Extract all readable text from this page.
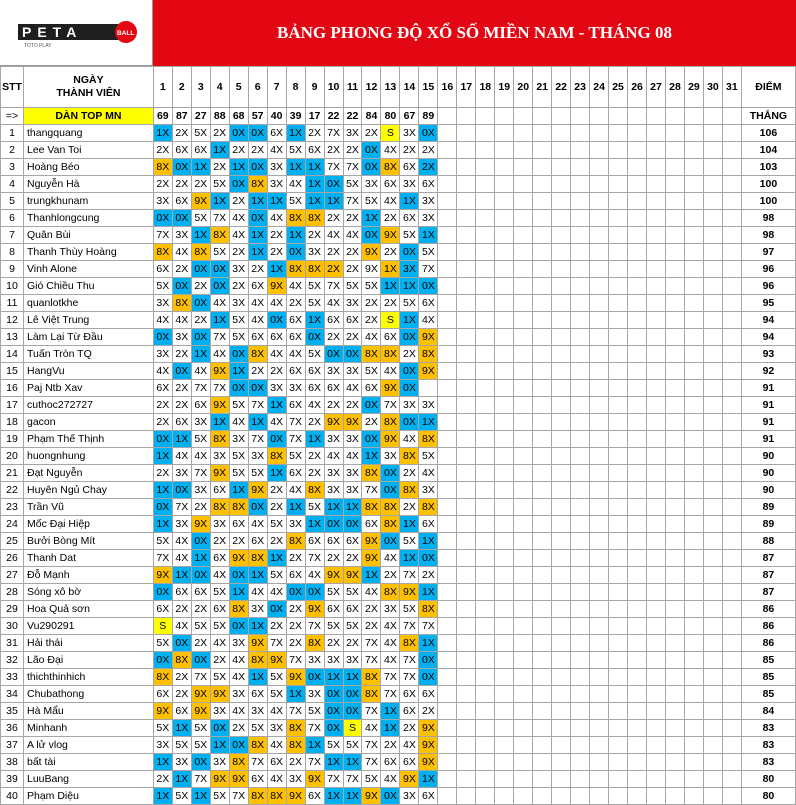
PETA
TOTO PLAY
BALL	BẢNG PHONG ĐỘ XỔ SỐ MIỀN NAM - THÁNG 08
STT	NGÀY
THÀNH VIÊN	1	2	3	4	5	6	7	8	9	10	11	12	13	14	15	16	17	18	19	20	21	22	23	24	25	26	27	28	29	30	31	ĐIỂM
=>	DÀN TOP MN	69	87	27	88	68	57	40	39	17	22	22	84	80	67	89																	THẮNG
1	thangquang	1X	2X	5X	2X	0X	0X	6X	1X	2X	7X	3X	2X	S	3X	0X																	106
2	Lee Van Toi	2X	6X	6X	1X	2X	2X	4X	5X	6X	2X	2X	0X	4X	2X	2X																	104
3	Hoàng Béo	8X	0X	1X	2X	1X	0X	3X	1X	1X	7X	7X	0X	8X	6X	2X																	103
4	Nguyễn Hà	2X	2X	2X	5X	0X	8X	3X	4X	1X	0X	5X	3X	6X	3X	6X																	100
5	trungkhunam	3X	6X	9X	1X	2X	1X	1X	5X	1X	1X	7X	5X	4X	1X	3X																	100
6	Thanhlongcung	0X	0X	5X	7X	4X	0X	4X	8X	8X	2X	2X	1X	2X	6X	3X																	98
7	Quân Bùi	7X	3X	1X	8X	4X	1X	2X	1X	2X	4X	4X	0X	9X	5X	1X																	98
8	Thanh Thùy Hoàng	8X	4X	8X	5X	2X	1X	2X	0X	3X	2X	2X	9X	2X	0X	5X																	97
9	Vinh Alone	6X	2X	0X	0X	3X	2X	1X	8X	8X	2X	2X	9X	1X	3X	7X																	96
10	Gió Chiều Thu	5X	0X	2X	0X	2X	6X	9X	4X	5X	7X	5X	5X	1X	1X	0X																	96
11	quanlotkhe	3X	8X	0X	4X	3X	4X	4X	2X	5X	4X	3X	2X	2X	5X	6X																	95
12	Lê Việt Trung	4X	4X	2X	1X	5X	4X	0X	6X	1X	6X	6X	2X	S	1X	4X																	94
13	Làm Lại Từ Đầu	0X	3X	0X	7X	5X	6X	6X	6X	0X	2X	2X	4X	6X	0X	9X																	94
14	Tuấn Tròn TQ	3X	2X	1X	4X	0X	8X	4X	4X	5X	0X	0X	8X	8X	2X	8X																	93
15	HangVu	4X	0X	4X	9X	1X	2X	2X	6X	6X	3X	3X	5X	4X	0X	9X																	92
16	Paj Ntb Xav	6X	2X	7X	7X	0X	0X	3X	3X	6X	6X	4X	6X	9X	0X																		91
17	cuthoc272727	2X	2X	6X	9X	5X	7X	1X	6X	4X	2X	2X	0X	7X	3X	3X																	91
18	gacon	2X	6X	3X	1X	4X	1X	4X	7X	2X	9X	9X	2X	8X	0X	1X																	91
19	Phạm Thế Thịnh	0X	1X	5X	8X	3X	7X	0X	7X	1X	3X	3X	0X	9X	4X	8X																	91
20	huongnhung	1X	4X	4X	3X	5X	3X	8X	5X	2X	4X	4X	1X	3X	8X	5X																	90
21	Đạt Nguyễn	2X	3X	7X	9X	5X	5X	1X	6X	2X	3X	3X	8X	0X	2X	4X																	90
22	Huyên Ngủ Chay	1X	0X	3X	6X	1X	9X	2X	4X	8X	3X	3X	7X	0X	8X	3X																	90
23	Trần Vũ	0X	7X	2X	8X	8X	0X	2X	1X	5X	1X	1X	8X	8X	2X	8X																	89
24	Mốc Đại Hiệp	1X	3X	9X	3X	6X	4X	5X	3X	1X	0X	0X	6X	8X	1X	6X																	89
25	Bưởi Bòng Mít	5X	4X	0X	2X	2X	6X	2X	8X	6X	6X	6X	9X	0X	5X	1X																	88
26	Thanh Dat	7X	4X	1X	6X	9X	8X	1X	2X	7X	2X	2X	9X	4X	1X	0X																	87
27	Đỗ Mạnh	9X	1X	0X	4X	0X	1X	5X	6X	4X	9X	9X	1X	2X	7X	2X																	87
28	Sóng xô bờ	0X	6X	6X	5X	1X	4X	4X	0X	0X	5X	5X	4X	8X	9X	1X																	87
29	Hoa Quả sơn	6X	2X	2X	6X	8X	3X	0X	2X	9X	6X	6X	2X	3X	5X	8X																	86
30	Vu290291	S	4X	5X	5X	0X	1X	2X	2X	7X	5X	5X	2X	4X	7X	7X																	86
31	Hải thái	5X	0X	2X	4X	3X	9X	7X	2X	8X	2X	2X	7X	4X	8X	1X																	86
32	Lão Đại	0X	8X	0X	2X	4X	8X	9X	7X	3X	3X	3X	7X	4X	7X	0X																	85
33	thichthinhich	8X	2X	7X	5X	4X	1X	5X	9X	0X	1X	1X	8X	7X	7X	0X																	85
34	Chubathong	6X	2X	9X	9X	3X	6X	5X	1X	3X	0X	0X	8X	7X	6X	6X																	85
35	Hà Mẩu	9X	6X	9X	3X	4X	3X	4X	7X	5X	0X	0X	7X	1X	6X	2X																	84
36	Minhanh	5X	1X	5X	0X	2X	5X	3X	8X	7X	0X	S	4X	1X	2X	9X																	83
37	A lử vlog	3X	5X	5X	1X	0X	8X	4X	8X	1X	5X	5X	7X	2X	4X	9X																	83
38	bất tài	1X	3X	0X	3X	8X	7X	6X	2X	7X	1X	1X	7X	6X	6X	9X																	83
39	LuuBang	2X	1X	7X	9X	9X	6X	4X	3X	9X	7X	7X	5X	4X	9X	1X																	80
40	Phạm Diệu	1X	5X	1X	5X	7X	8X	8X	9X	6X	1X	1X	9X	0X	3X	6X																	80
